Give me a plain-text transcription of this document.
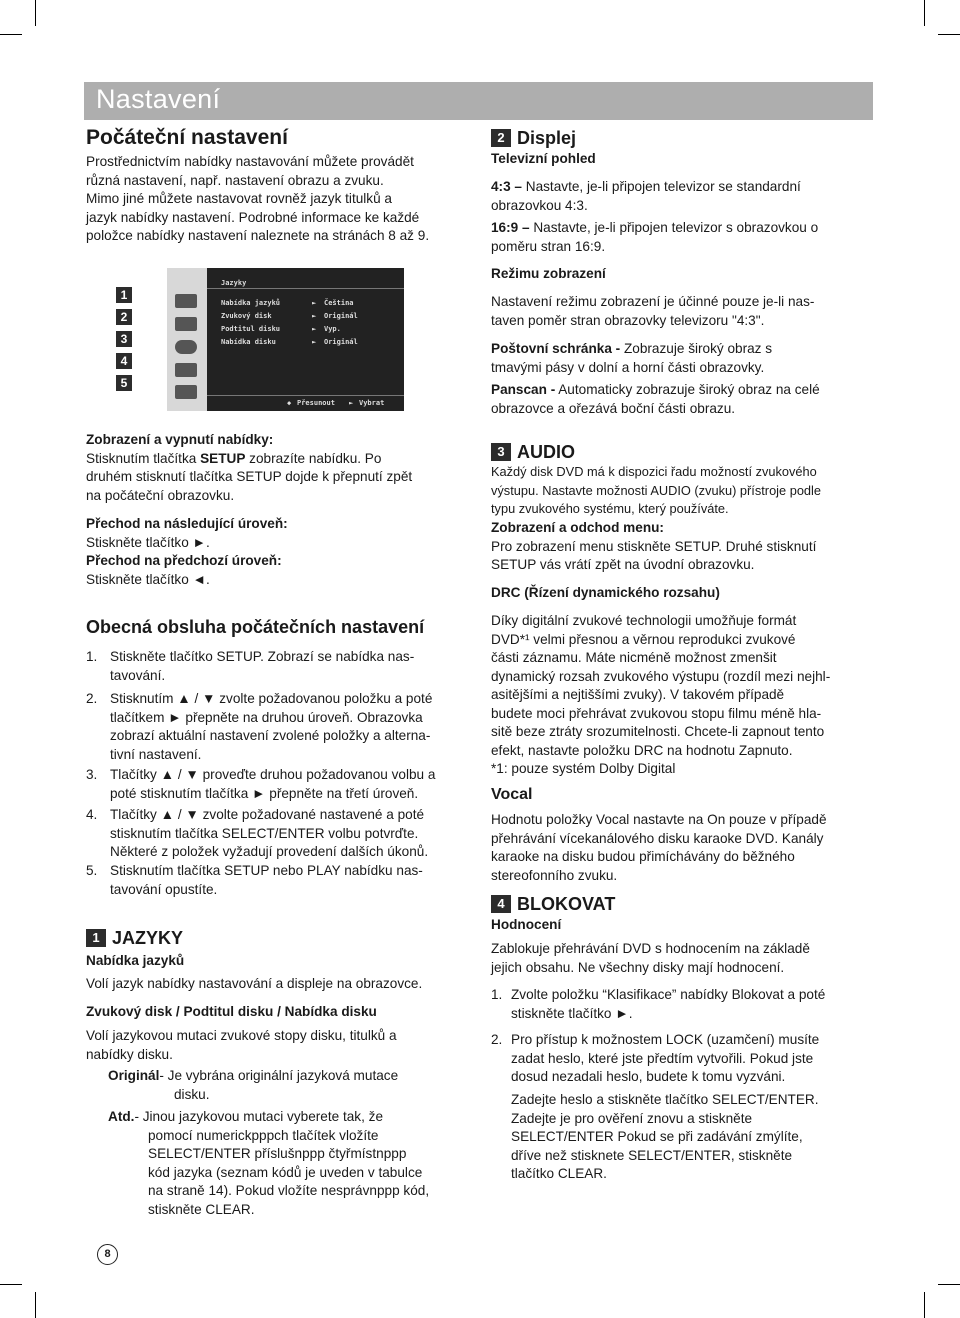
Nastavení
Počáteční nastavení
Prostřednictvím nabídky nastavování můžete provádět
různá nastavení, např. nastavení obrazu a zvuku.
Mimo jiné můžete nastavovat rovněž jazyk titulků a
jazyk nabídky nastavení. Podrobné informace ke každé
položce nabídky nastavení naleznete na stránách 8 až 9.
1
2
3
4
5
Jazyky
Nabídka jazyků
Zvukový disk
Podtitul disku
Nabídka disku
►
►
►
►
Čeština
Originál
Vyp.
Originál
◆ Přesunout ► Vybrat
Zobrazení a vypnutí nabídky:
Stisknutím tlačítka SETUP zobrazíte nabídku. Po
druhém stisknutí tlačítka SETUP dojde k přepnutí zpět
na počáteční obrazovku.
Přechod na následující úroveň:
Stiskněte tlačítko ►.
Přechod na předchozí úroveň:
Stiskněte tlačítko ◄.
Obecná obsluha počátečních nastavení
1. Stiskněte tlačítko SETUP. Zobrazí se nabídka nas-
tavování.
2. Stisknutím ▲ / ▼ zvolte požadovanou položku a poté
tlačítkem ► přepněte na druhou úroveň. Obrazovka
zobrazí aktuální nastavení zvolené položky a alterna-
tivní nastavení.
3. Tlačítky ▲ / ▼ proveďte druhou požadovanou volbu a
poté stisknutím tlačítka ► přepněte na třetí úroveň.
4. Tlačítky ▲ / ▼ zvolte požadované nastavené a poté
stisknutím tlačítka SELECT/ENTER volbu potvrďte.
Některé z položek vyžadují provedení dalších úkonů.
5. Stisknutím tlačítka SETUP nebo PLAY nabídku nas-
tavování opustíte.
1 JAZYKY
Nabídka jazyků
Volí jazyk nabídky nastavování a displeje na obrazovce.
Zvukový disk / Podtitul disku / Nabídka disku
Volí jazykovou mutaci zvukové stopy disku, titulků a
nabídky disku.
Originál- Je vybrána originální jazyková mutace
disku.
Atd.- Jinou jazykovou mutaci vyberete tak, že
pomocí numerickpppch tlačítek vložíte
SELECT/ENTER příslušnppp čtyřmístnppp
kód jazyka (seznam kódů je uveden v tabulce
na straně 14). Pokud vložíte nesprávnppp kód,
stiskněte CLEAR.
2 Displej
Televizní pohled
4:3 – Nastavte, je-li připojen televizor se standardní
obrazovkou 4:3.
16:9 – Nastavte, je-li připojen televizor s obrazovkou o
poměru stran 16:9.
Režimu zobrazení
Nastavení režimu zobrazení je účinné pouze je-li nas-
taven poměr stran obrazovky televizoru "4:3".
Poštovní schránka - Zobrazuje široký obraz s
tmavými pásy v dolní a horní části obrazovky.
Panscan - Automaticky zobrazuje široký obraz na celé
obrazovce a ořezává boční části obrazu.
3 AUDIO
Každý disk DVD má k dispozici řadu možností zvukového
výstupu. Nastavte možnosti AUDIO (zvuku) přístroje podle
typu zvukového systému, který používáte.
Zobrazení a odchod menu:
Pro zobrazení menu stiskněte SETUP. Druhé stisknutí
SETUP vás vrátí zpět na úvodní obrazovku.
DRC (Řízení dynamického rozsahu)
Díky digitální zvukové technologii umožňuje formát
DVD*¹ velmi přesnou a věrnou reprodukci zvukové
části záznamu. Máte nicméně možnost zmenšit
dynamický rozsah zvukového výstupu (rozdíl mezi nejhl-
asitějšími a nejtiššími zvuky). V takovém případě
budete moci přehrávat zvukovou stopu filmu méně hla-
sitě beze ztráty srozumitelnosti. Chcete-li zapnout tento
efekt, nastavte položku DRC na hodnotu Zapnuto.
*1: pouze systém Dolby Digital
Vocal
Hodnotu položky Vocal nastavte na On pouze v případě
přehrávání vícekanálového disku karaoke DVD. Kanály
karaoke na disku budou přimíchávány do běžného
stereofonního zvuku.
4 BLOKOVAT
Hodnocení
Zablokuje přehrávání DVD s hodnocením na základě
jejich obsahu. Ne všechny disky mají hodnocení.
1. Zvolte položku “Klasifikace” nabídky Blokovat a poté
stiskněte tlačítko ►.
2. Pro přístup k možnostem LOCK (uzamčení) musíte
zadat heslo, které jste předtím vytvořili. Pokud jste
dosud nezadali heslo, budete k tomu vyzváni.
Zadejte heslo a stiskněte tlačítko SELECT/ENTER.
Zadejte je pro ověření znovu a stiskněte
SELECT/ENTER Pokud se při zadávání zmýlíte,
dříve než stisknete SELECT/ENTER, stiskněte
tlačítko CLEAR.
8
